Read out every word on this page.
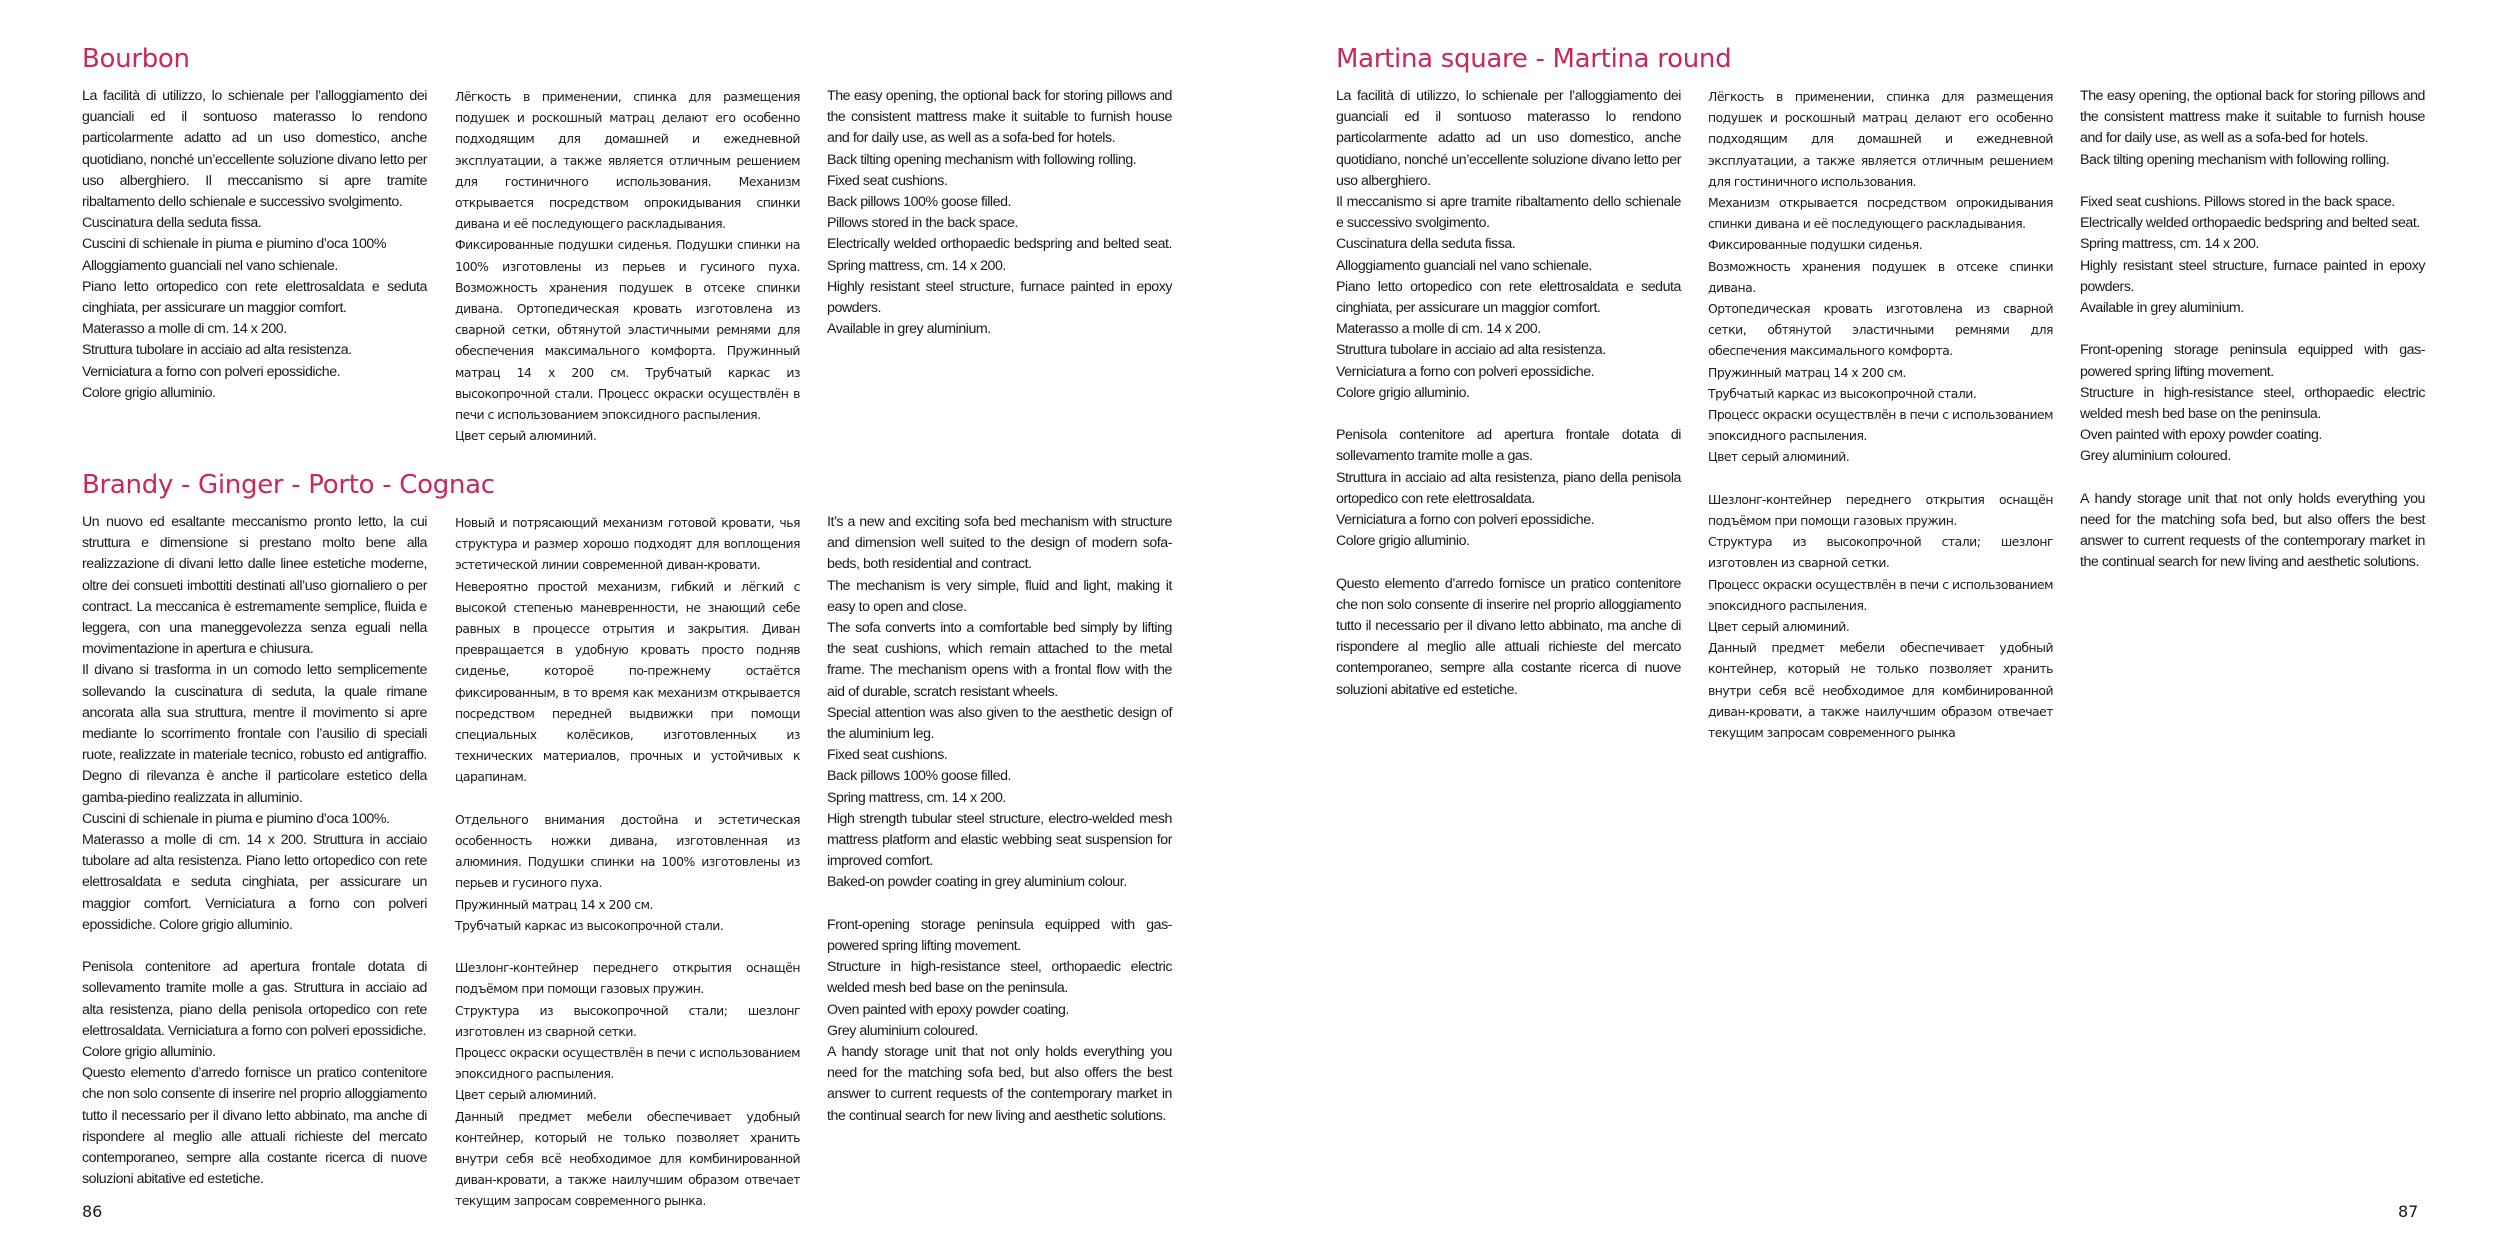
Bourbon

La facilità di utilizzo, lo schienale per l’alloggiamento dei guanciali ed il sontuoso materasso lo rendono particolarmente adatto ad un uso domestico, anche quotidiano, nonché un’eccellente soluzione divano letto per uso alberghiero. Il meccanismo si apre tramite ribaltamento dello schienale e successivo svolgimento.

Cuscinatura della seduta fissa.

Cuscini di schienale in piuma e piumino d’oca 100%

Alloggiamento guanciali nel vano schienale.

Piano letto ortopedico con rete elettrosaldata e seduta cinghiata, per assicurare un maggior comfort.

Materasso a molle di cm. 14 x 200.

Struttura tubolare in acciaio ad alta resistenza.

Verniciatura a forno con polveri epossidiche.

Colore grigio alluminio.

Лёгкость в применении, спинка для размещения подушек и роскошный матрац делают его особенно подходящим для домашней и ежедневной эксплуатации, а также является отличным решением для гостиничного использования. Механизм открывается посредством опрокидывания спинки дивана и её последующего раскладывания.

Фиксированные подушки сиденья. Подушки спинки на 100% изготовлены из перьев и гусиного пуха. Возможность хранения подушек в отсеке спинки дивана. Ортопедическая кровать изготовлена из сварной сетки, обтянутой эластичными ремнями для обеспечения максимального комфорта. Пружинный матрац 14 х 200 см. Трубчатый каркас из высокопрочной стали. Процесс окраски осуществлён в печи с использованием эпоксидного распыления.

Цвет серый алюминий.

The easy opening, the optional back for storing pillows and the consistent mattress make it suitable to furnish house and for daily use, as well as a sofa-bed for hotels.

Back tilting opening mechanism with following rolling.

Fixed seat cushions.

Back pillows 100% goose filled.

Pillows stored in the back space.

Electrically welded orthopaedic bedspring and belted seat. Spring mattress, cm. 14 x 200.

Highly resistant steel structure, furnace painted in epoxy powders.

Available in grey aluminium.

Brandy - Ginger - Porto - Cognac

Un nuovo ed esaltante meccanismo pronto letto, la cui struttura e dimensione si prestano molto bene alla realizzazione di divani letto dalle linee estetiche moderne, oltre dei consueti imbottiti destinati all’uso giornaliero o per contract. La meccanica è estremamente semplice, fluida e leggera, con una maneggevolezza senza eguali nella movimentazione in apertura e chiusura.

Il divano si trasforma in un comodo letto semplicemente sollevando la cuscinatura di seduta, la quale rimane ancorata alla sua struttura, mentre il movimento si apre mediante lo scorrimento frontale con l’ausilio di speciali ruote, realizzate in materiale tecnico, robusto ed antigraffio. Degno di rilevanza è anche il particolare estetico della gamba-piedino realizzata in alluminio.

Cuscini di schienale in piuma e piumino d’oca 100%.

Materasso a molle di cm. 14 x 200. Struttura in acciaio tubolare ad alta resistenza. Piano letto ortopedico con rete elettrosaldata e seduta cinghiata, per assicurare un maggior comfort. Verniciatura a forno con polveri epossidiche. Colore grigio alluminio.

Penisola contenitore ad apertura frontale dotata di sollevamento tramite molle a gas. Struttura in acciaio ad alta resistenza, piano della penisola ortopedico con rete elettrosaldata. Verniciatura a forno con polveri epossidiche.

Colore grigio alluminio.

Questo elemento d’arredo fornisce un pratico contenitore che non solo consente di inserire nel proprio alloggiamento tutto il necessario per il divano letto abbinato, ma anche di rispondere al meglio alle attuali richieste del mercato contemporaneo, sempre alla costante ricerca di nuove soluzioni abitative ed estetiche.

Новый и потрясающий механизм готовой кровати, чья структура и размер хорошо подходят для воплощения эстетической линии современной диван-кровати.

Невероятно простой механизм, гибкий и лёгкий с высокой степенью маневренности, не знающий себе равных в процессе отрытия и закрытия. Диван превращается в удобную кровать просто подняв сиденье, котороё по-прежнему остаётся фиксированным, в то время как механизм открывается посредством передней выдвижки при помощи специальных колёсиков, изготовленных из технических материалов, прочных и устойчивых к царапинам.

Отдельного внимания достойна и эстетическая особенность ножки дивана, изготовленная из алюминия. Подушки спинки на 100% изготовлены из перьев и гусиного пуха.

Пружинный матрац 14 х 200 см.

Трубчатый каркас из высокопрочной стали.

Шезлонг-контейнер переднего открытия оснащён подъёмом при помощи газовых пружин.

Структура из высокопрочной стали; шезлонг изготовлен из сварной сетки.

Процесс окраски осуществлён в печи с использованием эпоксидного распыления.

Цвет серый алюминий.

Данный предмет мебели обеспечивает удобный контейнер, который не только позволяет хранить внутри себя всё необходимое для комбинированной диван-кровати, а также наилучшим образом отвечает текущим запросам современного рынка.

It’s a new and exciting sofa bed mechanism with structure and dimension well suited to the design of modern sofa-beds, both residential and contract.

The mechanism is very simple, fluid and light, making it easy to open and close.

The sofa converts into a comfortable bed simply by lifting the seat cushions, which remain attached to the metal frame. The mechanism opens with a frontal flow with the aid of durable, scratch resistant wheels.

Special attention was also given to the aesthetic design of the aluminium leg.

Fixed seat cushions.

Back pillows 100% goose filled.

Spring mattress, cm. 14 x 200.

High strength tubular steel structure, electro-welded mesh mattress platform and elastic webbing seat suspension for improved comfort.

Baked-on powder coating in grey aluminium colour.

Front-opening storage peninsula equipped with gas-powered spring lifting movement.

Structure in high-resistance steel, orthopaedic electric welded mesh bed base on the peninsula.

Oven painted with epoxy powder coating.

Grey aluminium coloured.

A handy storage unit that not only holds everything you need for the matching sofa bed, but also offers the best answer to current requests of the contemporary market in the continual search for new living and aesthetic solutions.

86
Martina square - Martina round

La facilità di utilizzo, lo schienale per l’alloggiamento dei guanciali ed il sontuoso materasso lo rendono particolarmente adatto ad un uso domestico, anche quotidiano, nonché un’eccellente soluzione divano letto per uso alberghiero.

Il meccanismo si apre tramite ribaltamento dello schienale e successivo svolgimento.

Cuscinatura della seduta fissa.

Alloggiamento guanciali nel vano schienale.

Piano letto ortopedico con rete elettrosaldata e seduta cinghiata, per assicurare un maggior comfort.

Materasso a molle di cm. 14 x 200.

Struttura tubolare in acciaio ad alta resistenza.

Verniciatura a forno con polveri epossidiche.

Colore grigio alluminio.

Penisola contenitore ad apertura frontale dotata di sollevamento tramite molle a gas.

Struttura in acciaio ad alta resistenza, piano della penisola ortopedico con rete elettrosaldata.

Verniciatura a forno con polveri epossidiche.

Colore grigio alluminio.

Questo elemento d’arredo fornisce un pratico contenitore che non solo consente di inserire nel proprio alloggiamento tutto il necessario per il divano letto abbinato, ma anche di rispondere al meglio alle attuali richieste del mercato contemporaneo, sempre alla costante ricerca di nuove soluzioni abitative ed estetiche.

Лёгкость в применении, спинка для размещения подушек и роскошный матрац делают его особенно подходящим для домашней и ежедневной эксплуатации, а также является отличным решением для гостиничного использования.

Механизм открывается посредством опрокидывания спинки дивана и её последующего раскладывания.

Фиксированные подушки сиденья.

Возможность хранения подушек в отсеке спинки дивана.

Ортопедическая кровать изготовлена из сварной сетки, обтянутой эластичными ремнями для обеспечения максимального комфорта.

Пружинный матрац 14 х 200 см.

Трубчатый каркас из высокопрочной стали.

Процесс окраски осуществлён в печи с использованием эпоксидного распыления.

Цвет серый алюминий.

Шезлонг-контейнер переднего открытия оснащён подъёмом при помощи газовых пружин.

Структура из высокопрочной стали; шезлонг изготовлен из сварной сетки.

Процесс окраски осуществлён в печи с использованием эпоксидного распыления.

Цвет серый алюминий.

Данный предмет мебели обеспечивает удобный контейнер, который не только позволяет хранить внутри себя всё необходимое для комбинированной диван-кровати, а также наилучшим образом отвечает текущим запросам современного рынка

The easy opening, the optional back for storing pillows and the consistent mattress make it suitable to furnish house and for daily use, as well as a sofa-bed for hotels.

Back tilting opening mechanism with following rolling.

Fixed seat cushions. Pillows stored in the back space.

Electrically welded orthopaedic bedspring and belted seat.

Spring mattress, cm. 14 x 200.

Highly resistant steel structure, furnace painted in epoxy powders.

Available in grey aluminium.

Front-opening storage peninsula equipped with gas-powered spring lifting movement.

Structure in high-resistance steel, orthopaedic electric welded mesh bed base on the peninsula.

Oven painted with epoxy powder coating.

Grey aluminium coloured.

A handy storage unit that not only holds everything you need for the matching sofa bed, but also offers the best answer to current requests of the contemporary market in the continual search for new living and aesthetic solutions.

87
